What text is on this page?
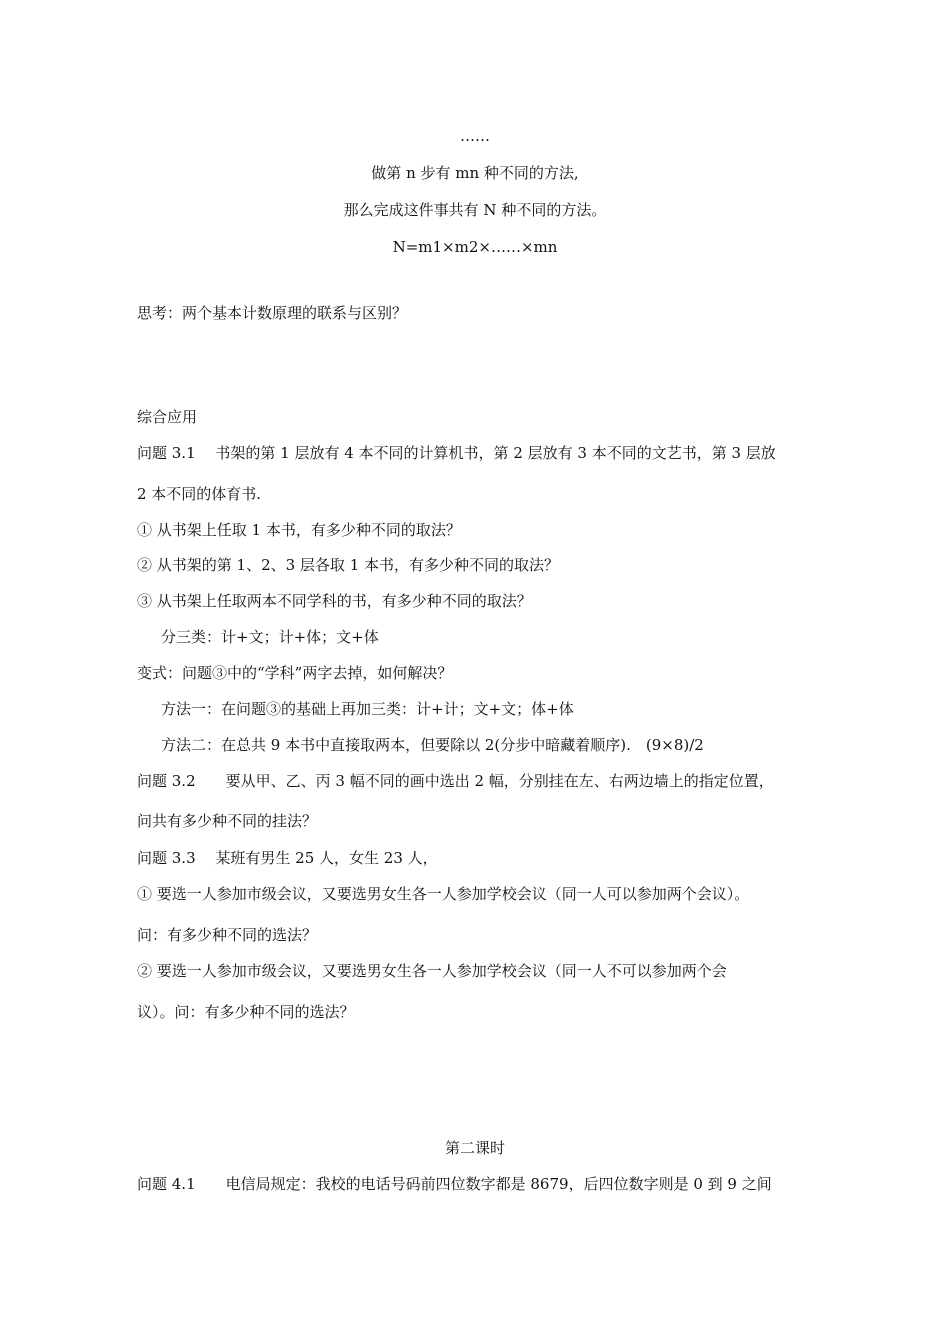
……
做第 n 步有 mn 种不同的方法,
那么完成这件事共有 N 种不同的方法。
N=m1×m2×……×mn
思考：两个基本计数原理的联系与区别？
综合应用
问题 3.1　 书架的第 1 层放有 4 本不同的计算机书，第 2 层放有 3 本不同的文艺书，第 3 层放
2 本不同的体育书.
① 从书架上任取 1 本书，有多少种不同的取法？
② 从书架的第 1、2、3 层各取 1 本书，有多少种不同的取法？
③ 从书架上任取两本不同学科的书，有多少种不同的取法？
分三类：计+文；计+体；文+体
变式：问题③中的“学科”两字去掉，如何解决？
方法一：在问题③的基础上再加三类：计+计；文+文；体+体
方法二：在总共 9 本书中直接取两本，但要除以 2(分步中暗藏着顺序).　(9×8)/2
问题 3.2　　要从甲、乙、丙 3 幅不同的画中选出 2 幅，分别挂在左、右两边墙上的指定位置，
问共有多少种不同的挂法？
问题 3.3　 某班有男生 25 人，女生 23 人，
① 要选一人参加市级会议，又要选男女生各一人参加学校会议（同一人可以参加两个会议）。
问：有多少种不同的选法？
② 要选一人参加市级会议，又要选男女生各一人参加学校会议（同一人不可以参加两个会
议）。问：有多少种不同的选法？
第二课时
问题 4.1　　电信局规定：我校的电话号码前四位数字都是 8679，后四位数字则是 0 到 9 之间
